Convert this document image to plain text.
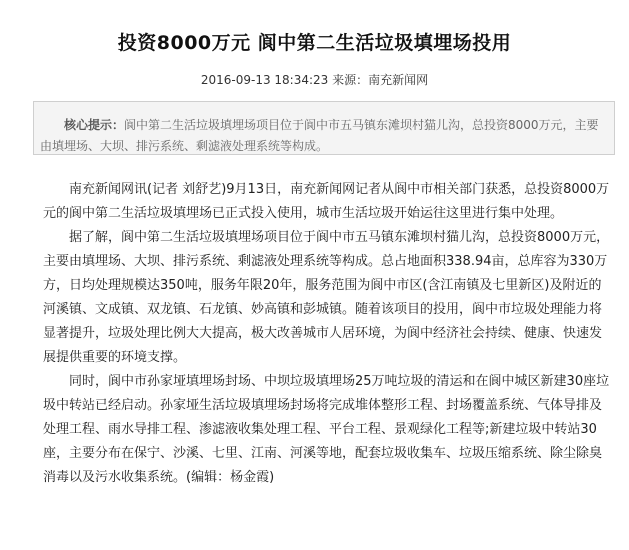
投资8000万元 阆中第二生活垃圾填埋场投用
2016-09-13 18:34:23 来源：南充新闻网
核心提示：阆中第二生活垃圾填埋场项目位于阆中市五马镇东滩坝村猫儿沟，总投资8000万元，主要由填埋场、大坝、排污系统、剩滤液处理系统等构成。

南充新闻网讯(记者 刘舒艺)9月13日，南充新闻网记者从阆中市相关部门获悉，总投资8000万元的阆中第二生活垃圾填埋场已正式投入使用，城市生活垃圾开始运往这里进行集中处理。

据了解，阆中第二生活垃圾填埋场项目位于阆中市五马镇东滩坝村猫儿沟，总投资8000万元，主要由填埋场、大坝、排污系统、剩滤液处理系统等构成。总占地面积338.94亩，总库容为330万方，日均处理规模达350吨，服务年限20年，服务范围为阆中市区(含江南镇及七里新区)及附近的河溪镇、文成镇、双龙镇、石龙镇、妙高镇和彭城镇。随着该项目的投用，阆中市垃圾处理能力将显著提升，垃圾处理比例大大提高，极大改善城市人居环境，为阆中经济社会持续、健康、快速发展提供重要的环境支撑。

同时，阆中市孙家垭填埋场封场、中坝垃圾填埋场25万吨垃圾的清运和在阆中城区新建30座垃圾中转站已经启动。孙家垭生活垃圾填埋场封场将完成堆体整形工程、封场覆盖系统、气体导排及处理工程、雨水导排工程、渗滤液收集处理工程、平台工程、景观绿化工程等;新建垃圾中转站30座，主要分布在保宁、沙溪、七里、江南、河溪等地，配套垃圾收集车、垃圾压缩系统、除尘除臭消毒以及污水收集系统。(编辑：杨金霞)
